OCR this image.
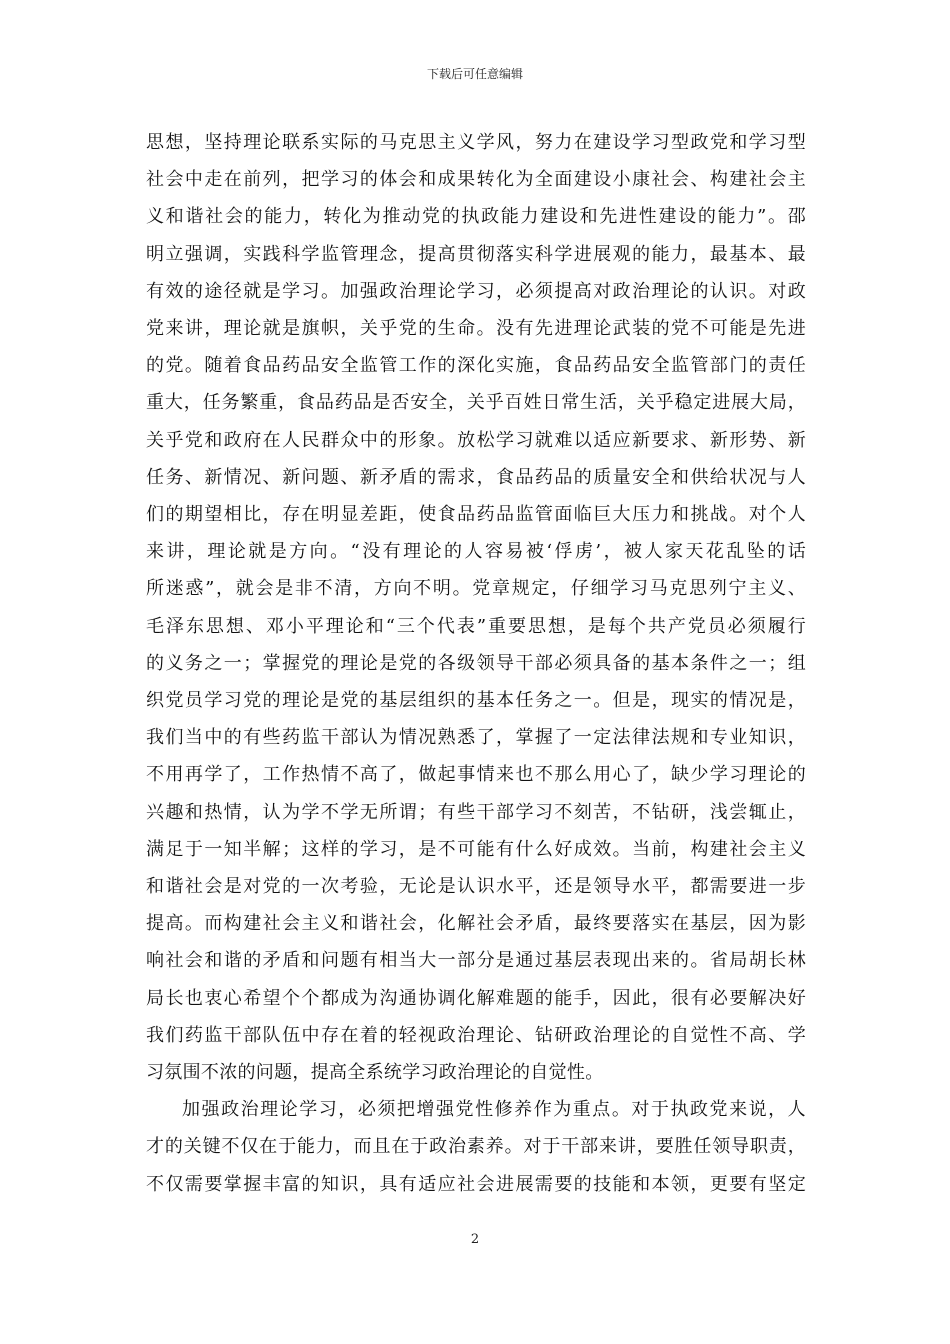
下载后可任意编辑

思想，坚持理论联系实际的马克思主义学风，努力在建设学习型政党和学习型
社会中走在前列，把学习的体会和成果转化为全面建设小康社会、构建社会主
义和谐社会的能力，转化为推动党的执政能力建设和先进性建设的能力”。邵
明立强调，实践科学监管理念，提高贯彻落实科学进展观的能力，最基本、最
有效的途径就是学习。加强政治理论学习，必须提高对政治理论的认识。对政
党来讲，理论就是旗帜，关乎党的生命。没有先进理论武装的党不可能是先进
的党。随着食品药品安全监管工作的深化实施，食品药品安全监管部门的责任
重大，任务繁重，食品药品是否安全，关乎百姓日常生活，关乎稳定进展大局，
关乎党和政府在人民群众中的形象。放松学习就难以适应新要求、新形势、新
任务、新情况、新问题、新矛盾的需求，食品药品的质量安全和供给状况与人
们的期望相比，存在明显差距，使食品药品监管面临巨大压力和挑战。对个人
来讲，理论就是方向。“没有理论的人容易被‘俘虏’，被人家天花乱坠的话
所迷惑”，就会是非不清，方向不明。党章规定，仔细学习马克思列宁主义、
毛泽东思想、邓小平理论和“三个代表”重要思想，是每个共产党员必须履行
的义务之一；掌握党的理论是党的各级领导干部必须具备的基本条件之一；组
织党员学习党的理论是党的基层组织的基本任务之一。但是，现实的情况是，
我们当中的有些药监干部认为情况熟悉了，掌握了一定法律法规和专业知识，
不用再学了，工作热情不高了，做起事情来也不那么用心了，缺少学习理论的
兴趣和热情，认为学不学无所谓；有些干部学习不刻苦，不钻研，浅尝辄止，
满足于一知半解；这样的学习，是不可能有什么好成效。当前，构建社会主义
和谐社会是对党的一次考验，无论是认识水平，还是领导水平，都需要进一步
提高。而构建社会主义和谐社会，化解社会矛盾，最终要落实在基层，因为影
响社会和谐的矛盾和问题有相当大一部分是通过基层表现出来的。省局胡长林
局长也衷心希望个个都成为沟通协调化解难题的能手，因此，很有必要解决好
我们药监干部队伍中存在着的轻视政治理论、钻研政治理论的自觉性不高、学
习氛围不浓的问题，提高全系统学习政治理论的自觉性。

加强政治理论学习，必须把增强党性修养作为重点。对于执政党来说，人
才的关键不仅在于能力，而且在于政治素养。对于干部来讲，要胜任领导职责，
不仅需要掌握丰富的知识，具有适应社会进展需要的技能和本领，更要有坚定

2
